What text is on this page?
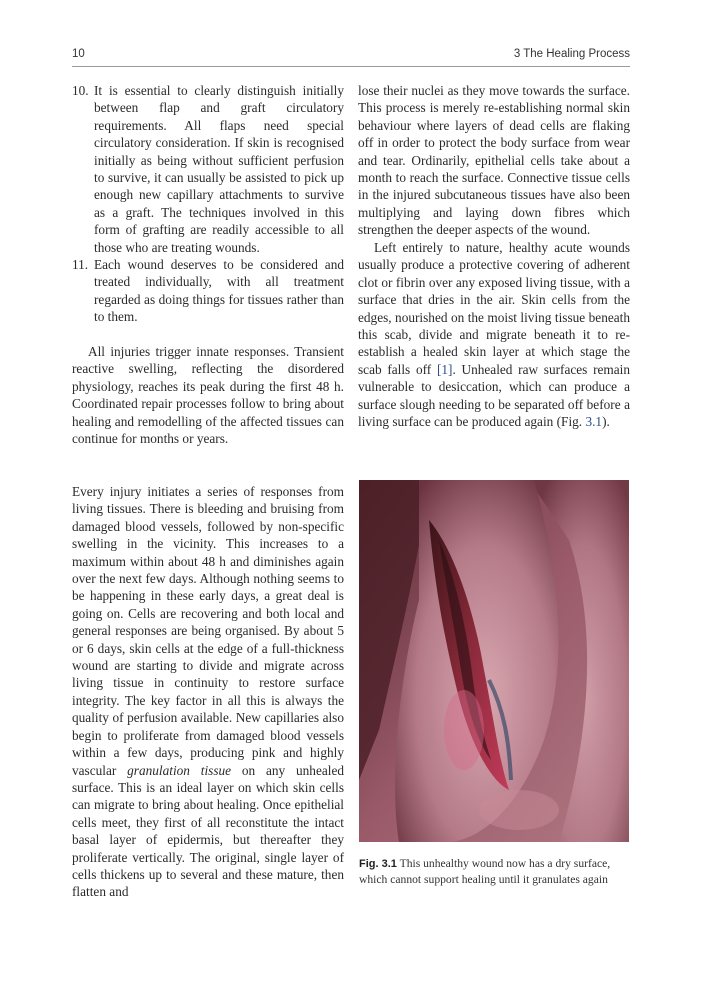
10	3 The Healing Process
10. It is essential to clearly distinguish initially between flap and graft circulatory requirements. All flaps need special circulatory consideration. If skin is recognised initially as being without sufficient perfusion to survive, it can usually be assisted to pick up enough new capillary attachments to survive as a graft. The techniques involved in this form of grafting are readily accessible to all those who are treating wounds.
11. Each wound deserves to be considered and treated individually, with all treatment regarded as doing things for tissues rather than to them.

All injuries trigger innate responses. Transient reactive swelling, reflecting the disordered physiology, reaches its peak during the first 48 h. Coordinated repair processes follow to bring about healing and remodelling of the affected tissues can continue for months or years.

Every injury initiates a series of responses from living tissues. There is bleeding and bruising from damaged blood vessels, followed by non-specific swelling in the vicinity. This increases to a maximum within about 48 h and diminishes again over the next few days. Although nothing seems to be happening in these early days, a great deal is going on. Cells are recovering and both local and general responses are being organised. By about 5 or 6 days, skin cells at the edge of a full-thickness wound are starting to divide and migrate across living tissue in continuity to restore surface integrity. The key factor in all this is always the quality of perfusion available. New capillaries also begin to proliferate from damaged blood vessels within a few days, producing pink and highly vascular granulation tissue on any unhealed surface. This is an ideal layer on which skin cells can migrate to bring about healing. Once epithelial cells meet, they first of all reconstitute the intact basal layer of epidermis, but thereafter they proliferate vertically. The original, single layer of cells thickens up to several and these mature, then flatten and

lose their nuclei as they move towards the surface. This process is merely re-establishing normal skin behaviour where layers of dead cells are flaking off in order to protect the body surface from wear and tear. Ordinarily, epithelial cells take about a month to reach the surface. Connective tissue cells in the injured subcutaneous tissues have also been multiplying and laying down fibres which strengthen the deeper aspects of the wound.

Left entirely to nature, healthy acute wounds usually produce a protective covering of adherent clot or fibrin over any exposed living tissue, with a surface that dries in the air. Skin cells from the edges, nourished on the moist living tissue beneath this scab, divide and migrate beneath it to re-establish a healed skin layer at which stage the scab falls off [1]. Unhealed raw surfaces remain vulnerable to desiccation, which can produce a surface slough needing to be separated off before a living surface can be produced again (Fig. 3.1).

Fig. 3.1 This unhealthy wound now has a dry surface, which cannot support healing until it granulates again
